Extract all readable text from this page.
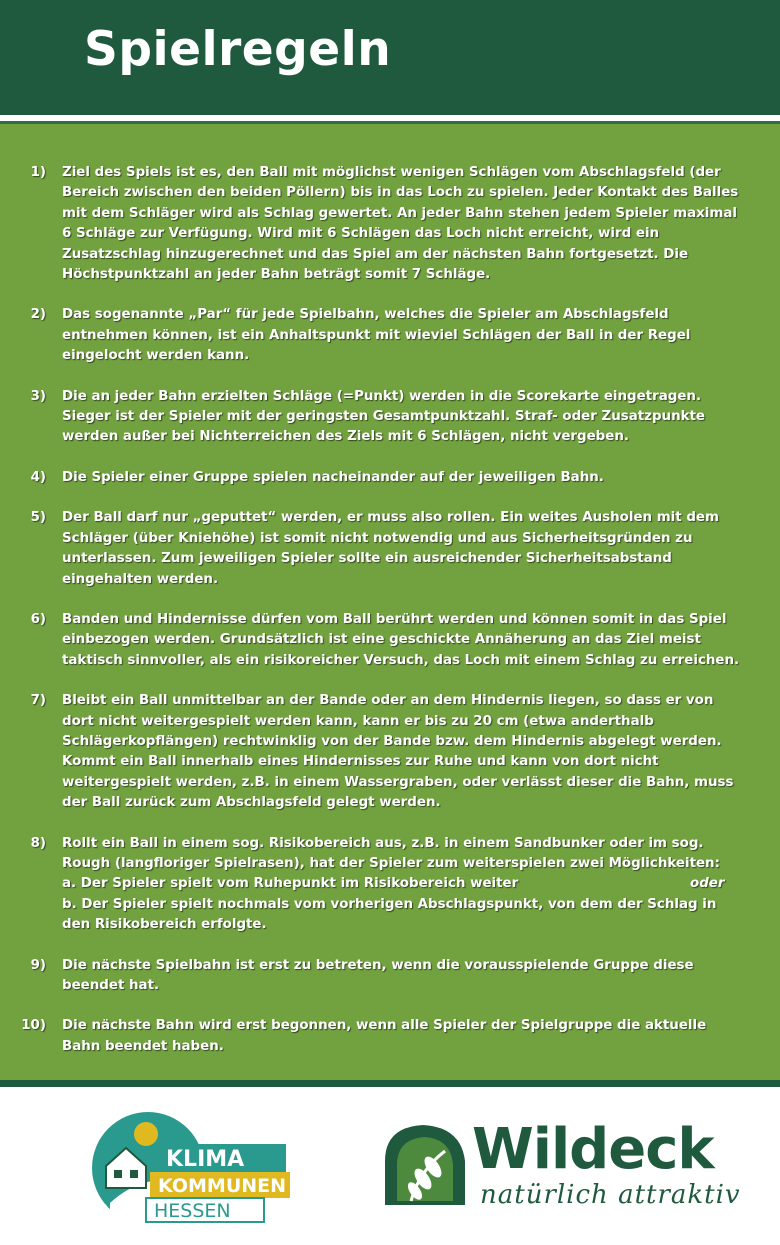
Spielregeln
1) Ziel des Spiels ist es, den Ball mit möglichst wenigen Schlägen vom Abschlagsfeld (der Bereich zwischen den beiden Pöllern) bis in das Loch zu spielen. Jeder Kontakt des Balles mit dem Schläger wird als Schlag gewertet. An jeder Bahn stehen jedem Spieler maximal 6 Schläge zur Verfügung. Wird mit 6 Schlägen das Loch nicht erreicht, wird ein Zusatzschlag hinzugerechnet und das Spiel am der nächsten Bahn fortgesetzt. Die Höchstpunktzahl an jeder Bahn beträgt somit 7 Schläge.
2) Das sogenannte „Par“ für jede Spielbahn, welches die Spieler am Abschlagsfeld entnehmen können, ist ein Anhaltspunkt mit wieviel Schlägen der Ball in der Regel eingelocht werden kann.
3) Die an jeder Bahn erzielten Schläge (=Punkt) werden in die Scorekarte eingetragen. Sieger ist der Spieler mit der geringsten Gesamtpunktzahl. Straf- oder Zusatzpunkte werden außer bei Nichterreichen des Ziels mit 6 Schlägen, nicht vergeben.
4) Die Spieler einer Gruppe spielen nacheinander auf der jeweiligen Bahn.
5) Der Ball darf nur „geputtet“ werden, er muss also rollen. Ein weites Ausholen mit dem Schläger (über Kniehöhe) ist somit nicht notwendig und aus Sicherheitsgründen zu unterlassen. Zum jeweiligen Spieler sollte ein ausreichender Sicherheitsabstand eingehalten werden.
6) Banden und Hindernisse dürfen vom Ball berührt werden und können somit in das Spiel einbezogen werden. Grundsätzlich ist eine geschickte Annäherung an das Ziel meist taktisch sinnvoller, als ein risikoreicher Versuch, das Loch mit einem Schlag zu erreichen.
7) Bleibt ein Ball unmittelbar an der Bande oder an dem Hindernis liegen, so dass er von dort nicht weitergespielt werden kann, kann er bis zu 20 cm (etwa anderthalb Schlägerkopflängen) rechtwinklig von der Bande bzw. dem Hindernis abgelegt werden. Kommt ein Ball innerhalb eines Hindernisses zur Ruhe und kann von dort nicht weitergespielt werden, z.B. in einem Wassergraben, oder verlässt dieser die Bahn, muss der Ball zurück zum Abschlagsfeld gelegt werden.
8) Rollt ein Ball in einem sog. Risikobereich aus, z.B. in einem Sandbunker oder im sog. Rough (langfloriger Spielrasen), hat der Spieler zum weiterspielen zwei Möglichkeiten:
a. Der Spieler spielt vom Ruhepunkt im Risikobereich weiter	oder
b. Der Spieler spielt nochmals vom vorherigen Abschlagspunkt, von dem der Schlag in den Risikobereich erfolgte.
9) Die nächste Spielbahn ist erst zu betreten, wenn die vorausspielende Gruppe diese beendet hat.
10) Die nächste Bahn wird erst begonnen, wenn alle Spieler der Spielgruppe die aktuelle Bahn beendet haben.
KLIMA
KOMMUNEN
HESSEN
Wildeck
natürlich attraktiv
